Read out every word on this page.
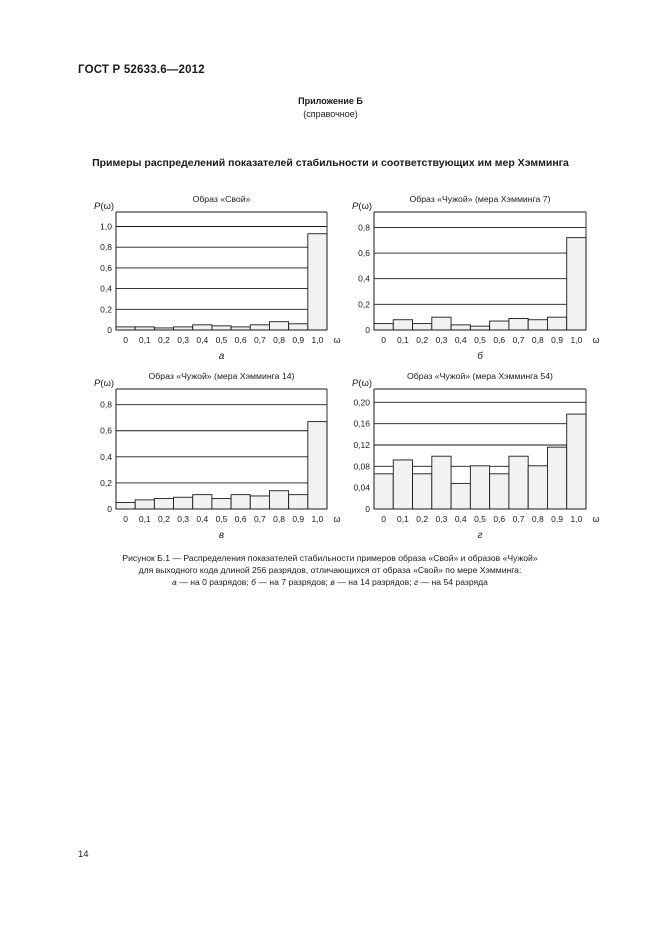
ГОСТ Р 52633.6—2012
Приложение Б
(справочное)
Примеры распределений показателей стабильности и соответствующих им мер Хэмминга
0
0,2
0,4
0,6
0,8
1,0
0 0,1 0,2 0,3 0,4 0,5 0,6 0,7 0,8 0,9 1,0 ω
P(ω)
Образ «Свой»
а
0
0,2
0,4
0,6
0,8
0 0,1 0,2 0,3 0,4 0,5 0,6 0,7 0,8 0,9 1,0 ω
P(ω)
Образ «Чужой» (мера Хэмминга 7)
б
0
0,2
0,4
0,6
0,8
0 0,1 0,2 0,3 0,4 0,5 0,6 0,7 0,8 0,9 1,0 ω
P(ω)
Образ «Чужой» (мера Хэмминга 14)
в
0
0,04
0,08
0,12
0,16
0,20
0 0,1 0,2 0,3 0,4 0,5 0,6 0,7 0,8 0,9 1,0 ω
P(ω)
Образ «Чужой» (мера Хэмминга 54)
г
Рисунок Б.1 — Распределения показателей стабильности примеров образа «Свой» и образов «Чужой»
для выходного кода длиной 256 разрядов, отличающихся от образа «Свой» по мере Хэмминга:
а — на 0 разрядов; б — на 7 разрядов; в — на 14 разрядов; г — на 54 разряда
14
